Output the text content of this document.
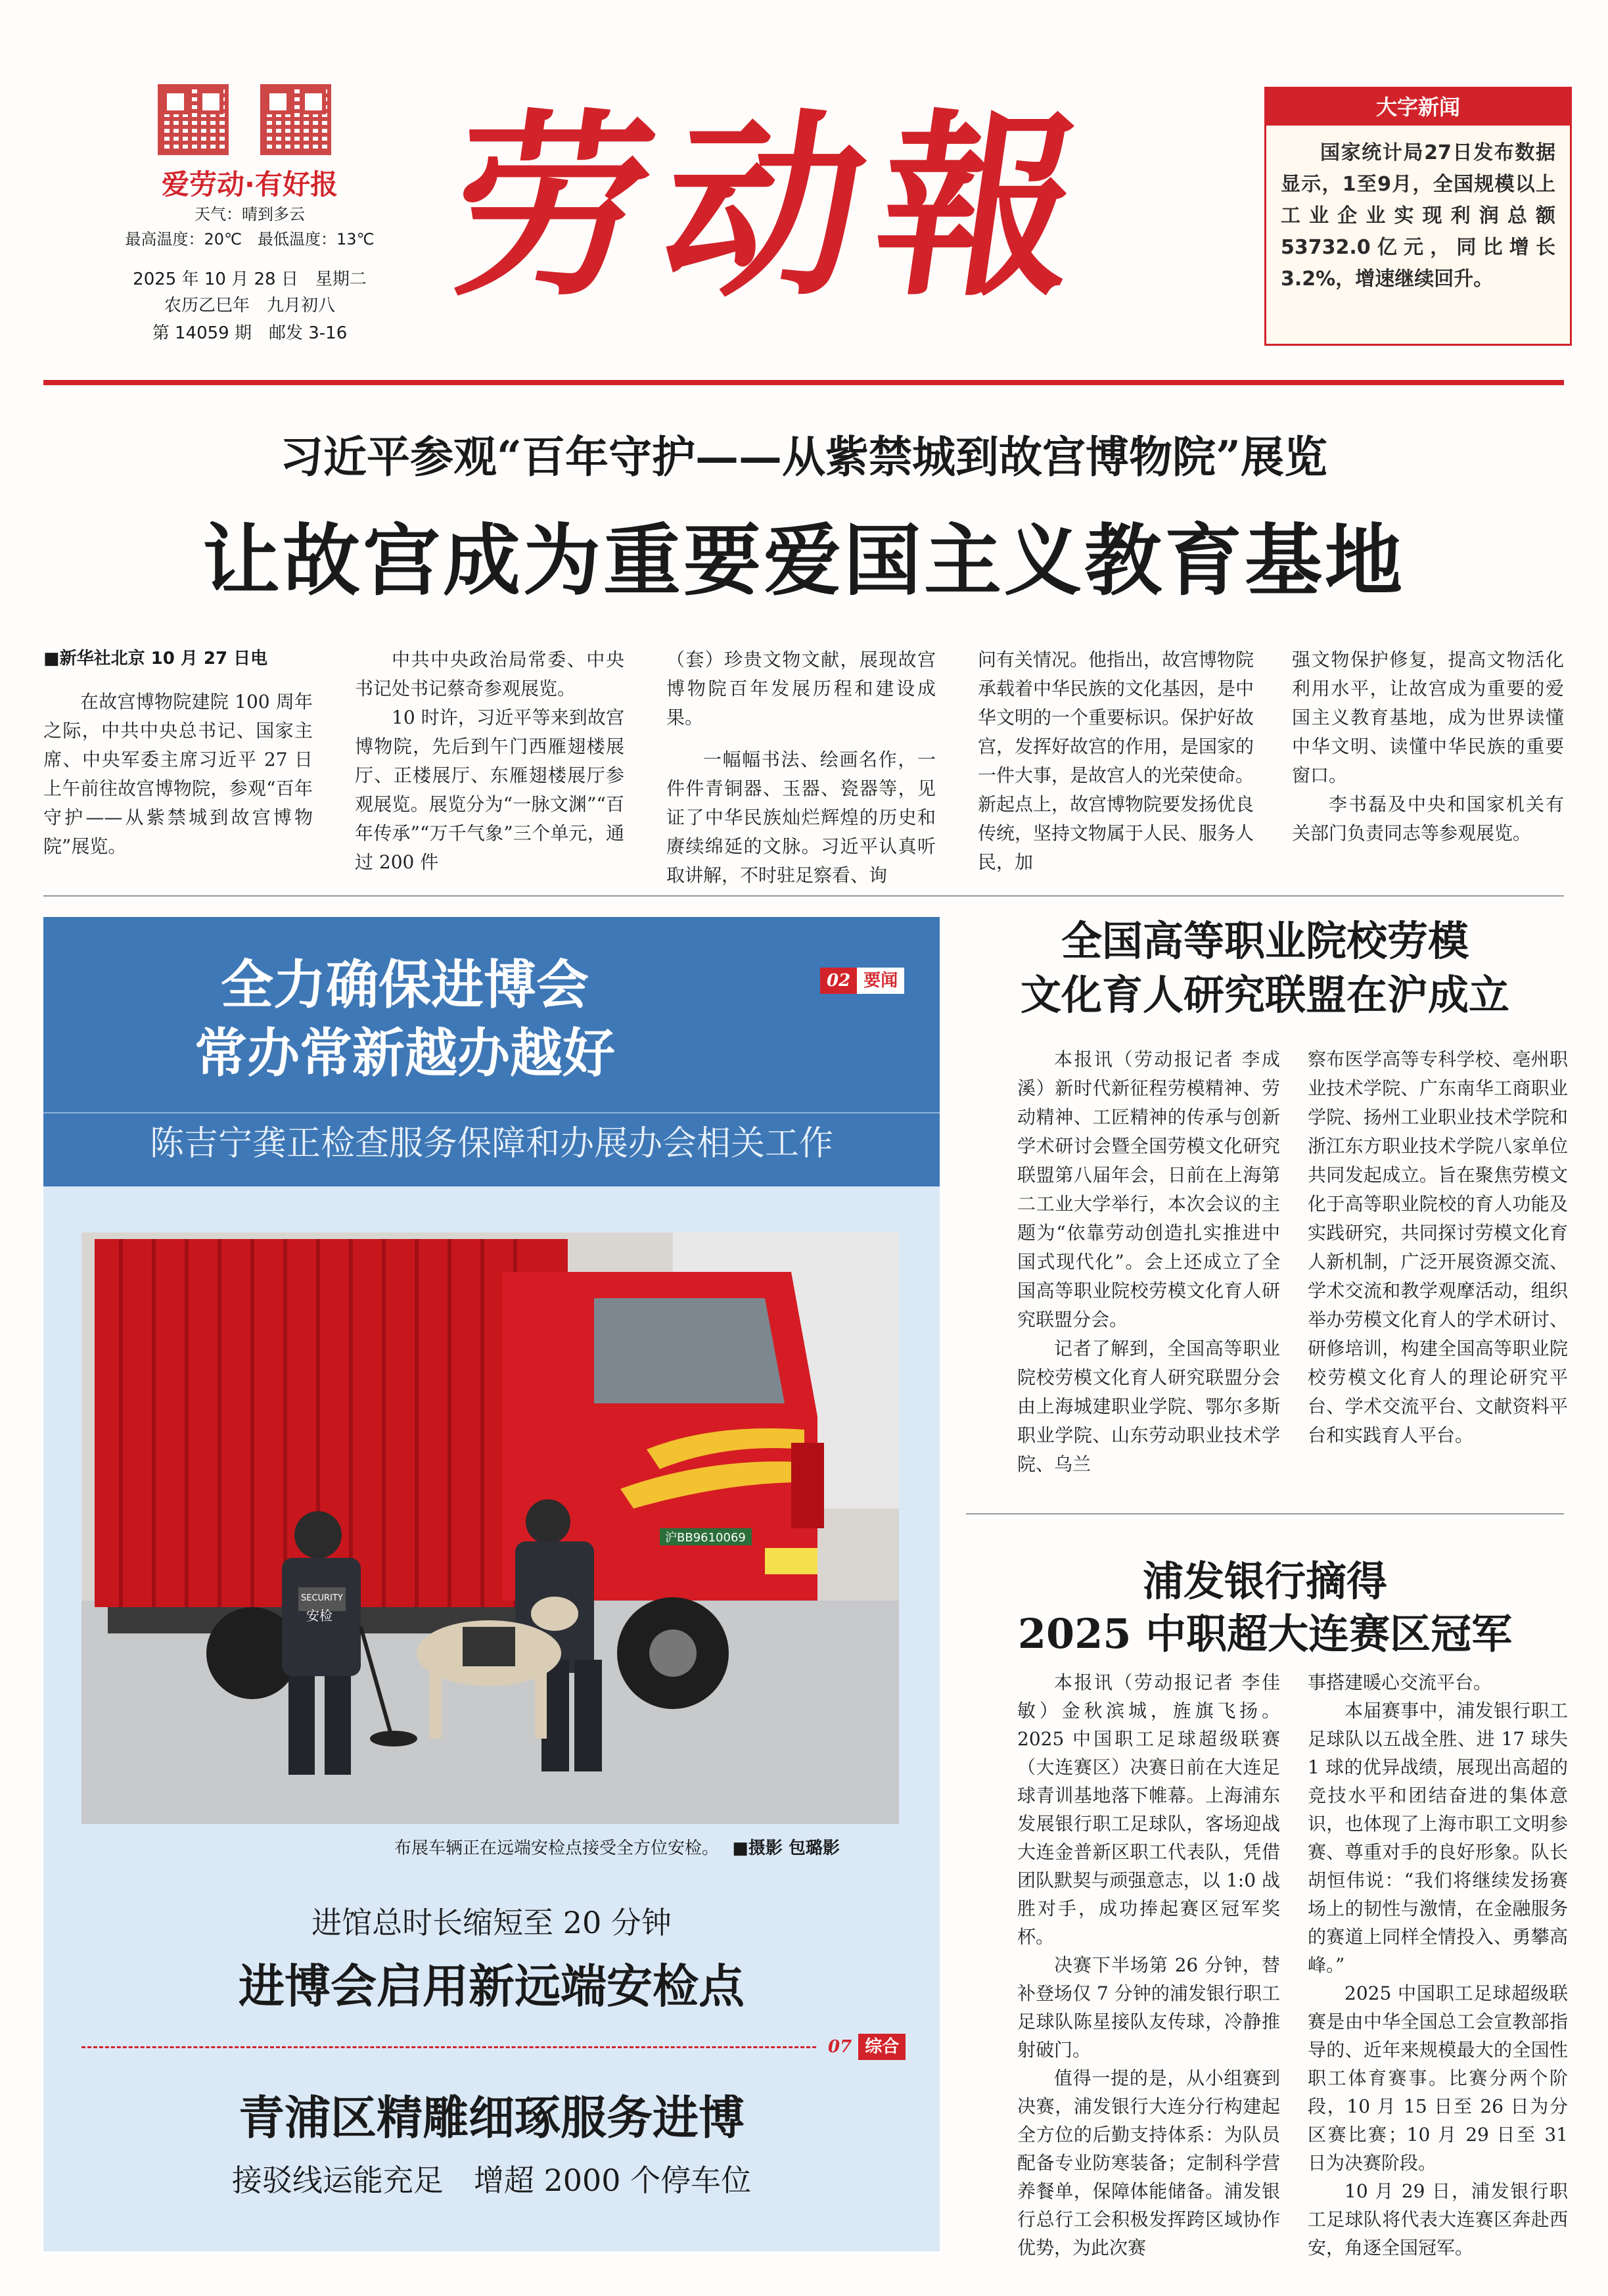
爱劳动·有好报
天气：晴到多云
最高温度：20℃　最低温度：13℃
2025 年 10 月 28 日　星期二
农历乙巳年　九月初八
第 14059 期　邮发 3-16
劳动報	大字新闻
国家统计局27日发布数据显示，1至9月，全国规模以上工业企业实现利润总额53732.0亿元，同比增长3.2%，增速继续回升。
习近平参观“百年守护——从紫禁城到故宫博物院”展览
让故宫成为重要爱国主义教育基地
■新华社北京 10 月 27 日电

在故宫博物院建院 100 周年之际，中共中央总书记、国家主席、中央军委主席习近平 27 日上午前往故宫博物院，参观“百年守护——从紫禁城到故宫博物院”展览。

中共中央政治局常委、中央书记处书记蔡奇参观展览。

10 时许，习近平等来到故宫博物院，先后到午门西雁翅楼展厅、正楼展厅、东雁翅楼展厅参观展览。展览分为“一脉文渊”“百年传承”“万千气象”三个单元，通过 200 件

（套）珍贵文物文献，展现故宫博物院百年发展历程和建设成果。

一幅幅书法、绘画名作，一件件青铜器、玉器、瓷器等，见证了中华民族灿烂辉煌的历史和赓续绵延的文脉。习近平认真听取讲解，不时驻足察看、询

问有关情况。他指出，故宫博物院承载着中华民族的文化基因，是中华文明的一个重要标识。保护好故宫，发挥好故宫的作用，是国家的一件大事，是故宫人的光荣使命。新起点上，故宫博物院要发扬优良传统，坚持文物属于人民、服务人民，加

强文物保护修复，提高文物活化利用水平，让故宫成为重要的爱国主义教育基地，成为世界读懂中华文明、读懂中华民族的重要窗口。

李书磊及中央和国家机关有关部门负责同志等参观展览。

全力确保进博会
常办常新越办越好
02 要闻
陈吉宁龚正检查服务保障和办展办会相关工作
沪BB9610069
SECURITY
安检
布展车辆正在远端安检点接受全方位安检。 ■摄影 包璐影
进馆总时长缩短至 20 分钟
进博会启用新远端安检点
07 综合
青浦区精雕细琢服务进博
接驳线运能充足　增超 2000 个停车位
全国高等职业院校劳模
文化育人研究联盟在沪成立

本报讯（劳动报记者 李成溪）新时代新征程劳模精神、劳动精神、工匠精神的传承与创新学术研讨会暨全国劳模文化研究联盟第八届年会，日前在上海第二工业大学举行，本次会议的主题为“依靠劳动创造扎实推进中国式现代化”。会上还成立了全国高等职业院校劳模文化育人研究联盟分会。

记者了解到，全国高等职业院校劳模文化育人研究联盟分会由上海城建职业学院、鄂尔多斯职业学院、山东劳动职业技术学院、乌兰

察布医学高等专科学校、亳州职业技术学院、广东南华工商职业学院、扬州工业职业技术学院和浙江东方职业技术学院八家单位共同发起成立。旨在聚焦劳模文化于高等职业院校的育人功能及实践研究，共同探讨劳模文化育人新机制，广泛开展资源交流、学术交流和教学观摩活动，组织举办劳模文化育人的学术研讨、研修培训，构建全国高等职业院校劳模文化育人的理论研究平台、学术交流平台、文献资料平台和实践育人平台。

浦发银行摘得
2025 中职超大连赛区冠军

本报讯（劳动报记者 李佳敏）金秋滨城，旌旗飞扬。2025 中国职工足球超级联赛（大连赛区）决赛日前在大连足球青训基地落下帷幕。上海浦东发展银行职工足球队，客场迎战大连金普新区职工代表队，凭借团队默契与顽强意志，以 1:0 战胜对手，成功捧起赛区冠军奖杯。

决赛下半场第 26 分钟，替补登场仅 7 分钟的浦发银行职工足球队陈星接队友传球，冷静推射破门。

值得一提的是，从小组赛到决赛，浦发银行大连分行构建起全方位的后勤支持体系：为队员配备专业防寒装备；定制科学营养餐单，保障体能储备。浦发银行总行工会积极发挥跨区域协作优势，为此次赛

事搭建暖心交流平台。

本届赛事中，浦发银行职工足球队以五战全胜、进 17 球失 1 球的优异战绩，展现出高超的竞技水平和团结奋进的集体意识，也体现了上海市职工文明参赛、尊重对手的良好形象。队长胡恒伟说：“我们将继续发扬赛场上的韧性与激情，在金融服务的赛道上同样全情投入、勇攀高峰。”

2025 中国职工足球超级联赛是由中华全国总工会宣教部指导的、近年来规模最大的全国性职工体育赛事。比赛分两个阶段，10 月 15 日至 26 日为分区赛比赛；10 月 29 日至 31 日为决赛阶段。

10 月 29 日，浦发银行职工足球队将代表大连赛区奔赴西安，角逐全国冠军。
